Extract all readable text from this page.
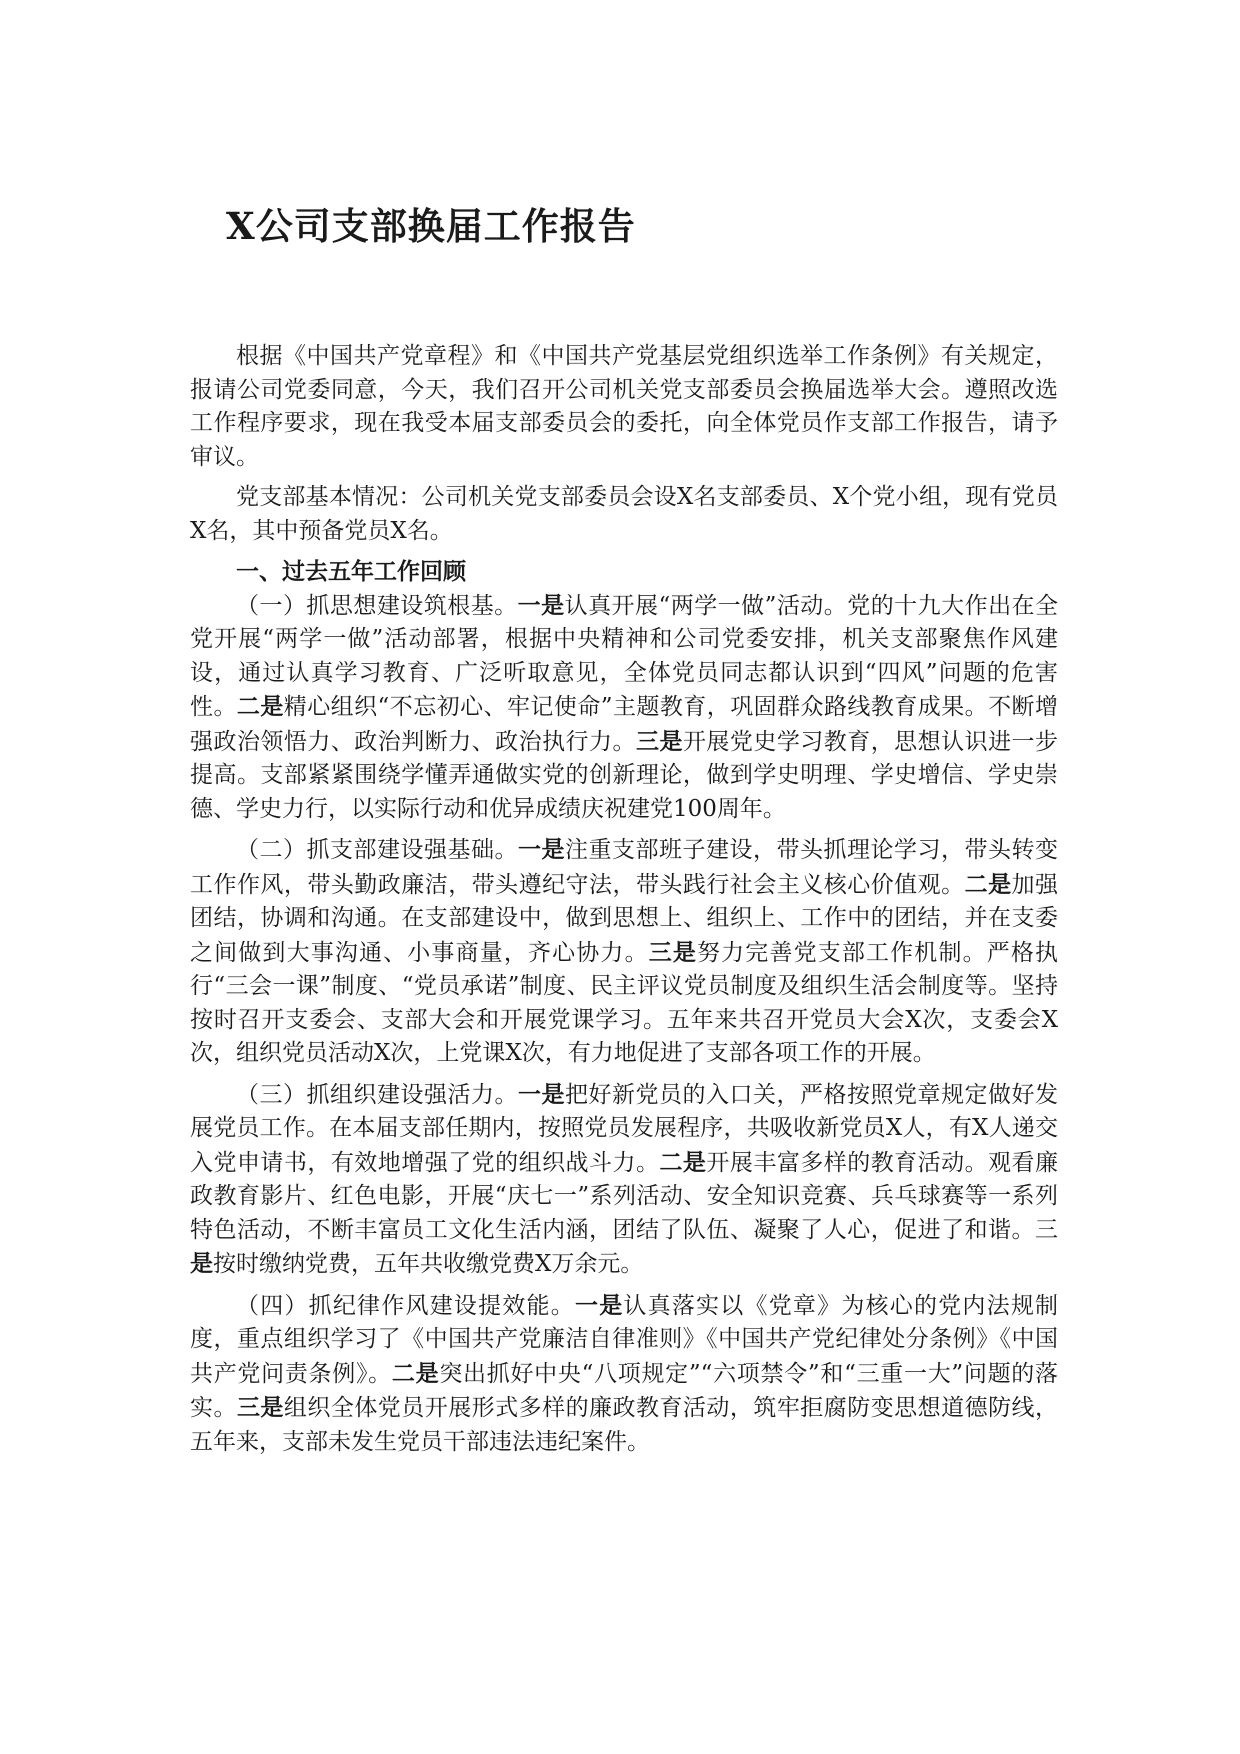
X公司支部换届工作报告

根据《中国共产党章程》和《中国共产党基层党组织选举工作条例》有关规定，报请公司党委同意，今天，我们召开公司机关党支部委员会换届选举大会。遵照改选工作程序要求，现在我受本届支部委员会的委托，向全体党员作支部工作报告，请予审议。

党支部基本情况：公司机关党支部委员会设X名支部委员、X个党小组，现有党员X名，其中预备党员X名。

一、过去五年工作回顾

（一）抓思想建设筑根基。一是认真开展“两学一做”活动。党的十九大作出在全党开展“两学一做”活动部署，根据中央精神和公司党委安排，机关支部聚焦作风建设，通过认真学习教育、广泛听取意见，全体党员同志都认识到“四风”问题的危害性。二是精心组织“不忘初心、牢记使命”主题教育，巩固群众路线教育成果。不断增强政治领悟力、政治判断力、政治执行力。三是开展党史学习教育，思想认识进一步提高。支部紧紧围绕学懂弄通做实党的创新理论，做到学史明理、学史增信、学史崇德、学史力行，以实际行动和优异成绩庆祝建党100周年。

（二）抓支部建设强基础。一是注重支部班子建设，带头抓理论学习，带头转变工作作风，带头勤政廉洁，带头遵纪守法，带头践行社会主义核心价值观。二是加强团结，协调和沟通。在支部建设中，做到思想上、组织上、工作中的团结，并在支委之间做到大事沟通、小事商量，齐心协力。三是努力完善党支部工作机制。严格执行“三会一课”制度、“党员承诺”制度、民主评议党员制度及组织生活会制度等。坚持按时召开支委会、支部大会和开展党课学习。五年来共召开党员大会X次，支委会X次，组织党员活动X次，上党课X次，有力地促进了支部各项工作的开展。

（三）抓组织建设强活力。一是把好新党员的入口关，严格按照党章规定做好发展党员工作。在本届支部任期内，按照党员发展程序，共吸收新党员X人，有X人递交入党申请书，有效地增强了党的组织战斗力。二是开展丰富多样的教育活动。观看廉政教育影片、红色电影，开展“庆七一”系列活动、安全知识竞赛、兵乓球赛等一系列特色活动，不断丰富员工文化生活内涵，团结了队伍、凝聚了人心，促进了和谐。三是按时缴纳党费，五年共收缴党费X万余元。

（四）抓纪律作风建设提效能。一是认真落实以《党章》为核心的党内法规制度，重点组织学习了《中国共产党廉洁自律准则》《中国共产党纪律处分条例》《中国共产党问责条例》。二是突出抓好中央“八项规定”“六项禁令”和“三重一大”问题的落实。三是组织全体党员开展形式多样的廉政教育活动，筑牢拒腐防变思想道德防线，五年来，支部未发生党员干部违法违纪案件。
